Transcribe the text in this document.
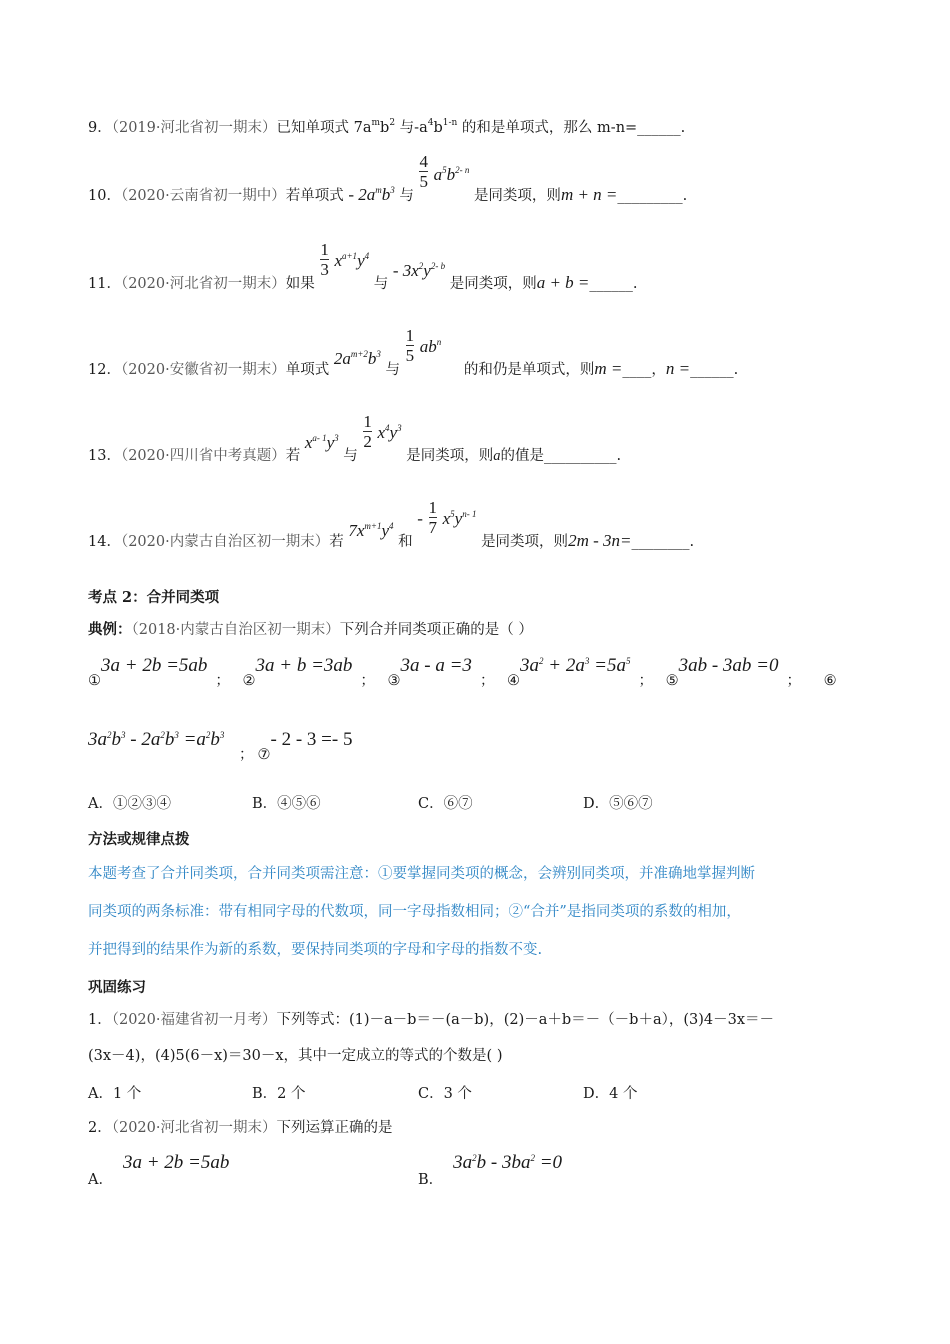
9．（2019·河北省初一期末）已知单项式 $7a^mb^2$ 与$-a^4b^{1-n}$ 的和是单项式，那么 m-n=______.
10．（2020·云南省初一期中）若单项式 - $2a^mb^3$ 与
$\frac{4}{5} a^5b^{2- n}$ 是同类项，则m + n =_________.
11．（2020·河北省初一期末）如果
$\frac{1}{3} x^{a+1}y^4$ 与 - $3x^2y^{2- b}$ 是同类项，则a + b =______.
12．（2020·安徽省初一期末）单项式 $2a^{m+2}b^3$ 与
$\frac{1}{5} ab^n$ 的和仍是单项式，则m =____，n =______.
13．（2020·四川省中考真题）若 $x^{a- 1}y^3$ 与
$\frac{1}{2} x^4y^3$ 是同类项，则a的值是__________.
14．（2020·内蒙古自治区初一期末）若 $7x^{m+1}y^4$ 和 - $\frac{1}{7} x^5y^{n- 1}$ 是同类项，则2m - 3n=________.
考点 2：合并同类项
典例：（2018·内蒙古自治区初一期末）下列合并同类项正确的是（ ）
①3a + 2b =5ab； ②3a + b =3ab； ③3a - a =3； $④3a^2 + 2a^3 =5a^5$； ⑤3ab - 3ab =0； ⑥
$3a^2b^3 - 2a^2b^3 =a^2b^3$ ； ⑦- 2 - 3 =- 5
A．①②③④	B．④⑤⑥	C．⑥⑦	D．⑤⑥⑦
方法或规律点拨
本题考查了合并同类项，合并同类项需注意：①要掌握同类项的概念，会辨别同类项，并准确地掌握判断
同类项的两条标准：带有相同字母的代数项，同一字母指数相同；②“合并”是指同类项的系数的相加，
并把得到的结果作为新的系数，要保持同类项的字母和字母的指数不变.
巩固练习
1．（2020·福建省初一月考）下列等式：(1)－a－b＝－(a－b)，(2)－a＋b＝－（－b＋a），(3)4－3x＝－
(3x－4)，(4)5(6－x)＝30－x，其中一定成立的等式的个数是( )
A．1 个	B．2 个	C．3 个	D．4 个
2．（2020·河北省初一期末）下列运算正确的是
A．3a + 2b =5ab
B．$3a^2b - 3ba^2 =0$
